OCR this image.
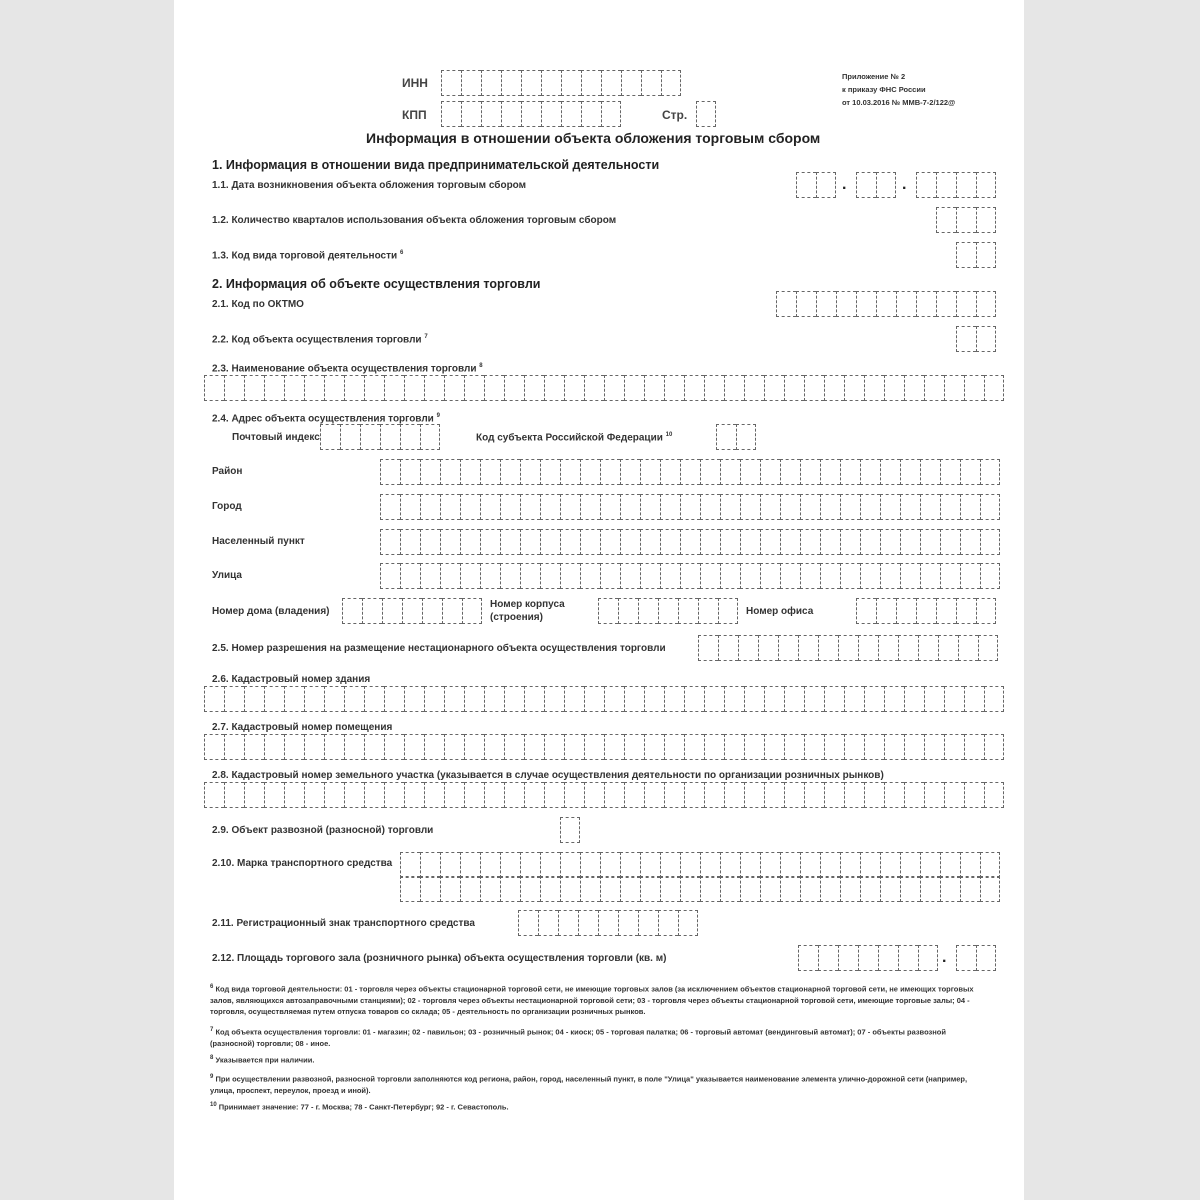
ИНН
КПП	Стр.
Приложение № 2
к приказу ФНС России
от 10.03.2016 № ММВ-7-2/122@
Информация в отношении объекта обложения торговым сбором
1. Информация в отношении вида предпринимательской деятельности
1.1. Дата возникновения объекта обложения торговым сбором	.	.
1.2. Количество кварталов использования объекта обложения торговым сбором
1.3. Код вида торговой деятельности $^6$
2. Информация об объекте осуществления торговли
2.1. Код по ОКТМО
2.2. Код объекта осуществления торговли $^7$
2.3. Наименование объекта осуществления торговли $^8$
2.4. Адрес объекта осуществления торговли $^9$
Почтовый индекс	Код субъекта Российской Федерации $^{10}$
Район
Город
Населенный пункт
Улица
Номер дома (владения)
Номер корпуса
(строения)
Номер офиса
2.5. Номер разрешения на размещение нестационарного объекта осуществления торговли
2.6. Кадастровый номер здания
2.7. Кадастровый номер помещения
2.8. Кадастровый номер земельного участка (указывается в случае осуществления деятельности по организации розничных рынков)
2.9. Объект развозной (разносной) торговли
2.10. Марка транспортного средства
2.11. Регистрационный знак транспортного средства
2.12. Площадь торгового зала (розничного рынка) объекта осуществления торговли (кв. м)	.
$^6$ Код вида торговой деятельности: 01 - торговля через объекты стационарной торговой сети, не имеющие торговых залов (за исключением объектов стационарной торговой сети, не имеющих торговых залов, являющихся автозаправочными станциями); 02 - торговля через объекты нестационарной торговой сети; 03 - торговля через объекты стационарной торговой сети, имеющие торговые залы; 04 - торговля, осуществляемая путем отпуска товаров со склада; 05 - деятельность по организации розничных рынков.
$^7$ Код объекта осуществления торговли: 01 - магазин; 02 - павильон; 03 - розничный рынок; 04 - киоск; 05 - торговая палатка; 06 - торговый автомат (вендинговый автомат); 07 - объекты развозной (разносной) торговли; 08 - иное.
$^8$ Указывается при наличии.
$^9$ При осуществлении развозной, разносной торговли заполняются код региона, район, город, населенный пункт, в поле "Улица" указывается наименование элемента улично-дорожной сети (например, улица, проспект, переулок, проезд и иной).
$^{10}$ Принимает значение: 77 - г. Москва; 78 - Санкт-Петербург; 92 - г. Севастополь.
